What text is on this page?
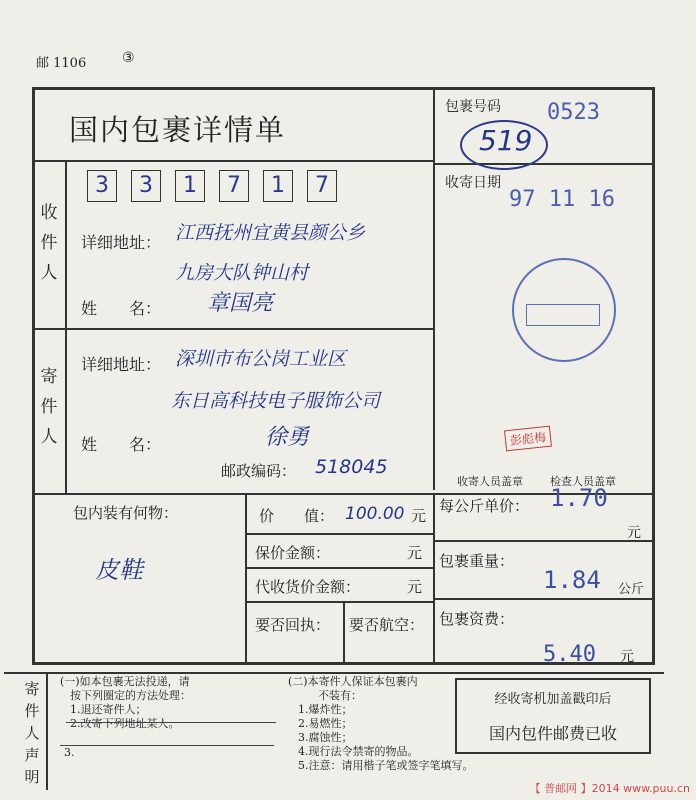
邮 1106	③
国内包裹详情单
包裹号码 0523
519
收寄日期
97 11 16
收
件
人
3	3	1	7	1	7
详细地址： 江西抚州宜黄县颜公乡
九房大队钟山村
姓　　名： 章国亮
寄
件
人
详细地址： 深圳市布公岗工业区
东日高科技电子服饰公司
姓　　名：	徐勇
邮政编码： 518045
彭彪梅
收寄人员盖章 检查人员盖章
包内装有何物：
皮鞋
价　　值： 100.00 元
保价金额：	元
代收货价金额：	元
要否回执： 要否航空：
每公斤单价： 1.70
元
包裹重量：
1.84 公斤
包裹资费：
5.40 元
寄
件
人
声
明
(一)如本包裹无法投递，请
按下列圈定的方法处理：
1.退还寄件人；
2.改寄下列地址某人。
3.
(二)本寄件人保证本包裹内
不装有：
1.爆炸性；
2.易燃性；
3.腐蚀性；
4.现行法令禁寄的物品。
5.注意：请用楷子笔或签字笔填写。
经收寄机加盖戳印后
国内包件邮费已收
【 普邮网 】2014 www.puu.cn
